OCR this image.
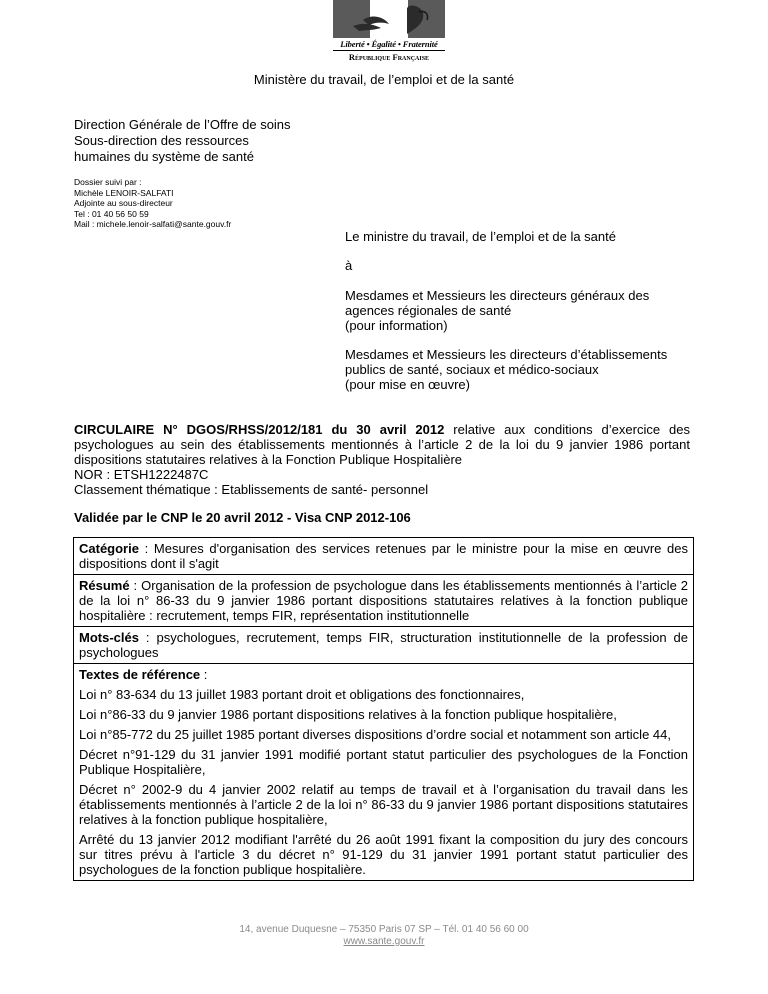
Liberté • Égalité • Fraternité
République Française
Ministère du travail, de l’emploi et de la santé
Direction Générale de l’Offre de soins
Sous-direction des ressources
humaines du système de santé
Dossier suivi par :
Michèle LENOIR-SALFATI
Adjointe au sous-directeur
Tel : 01 40 56 50 59
Mail : michele.lenoir-salfati@sante.gouv.fr
Le ministre du travail, de l’emploi et de la santé
à
Mesdames et Messieurs les directeurs généraux des
agences régionales de santé
(pour information)
Mesdames et Messieurs les directeurs d’établissements
publics de santé, sociaux et médico-sociaux
(pour mise en œuvre)

CIRCULAIRE N° DGOS/RHSS/2012/181 du 30 avril 2012 relative aux conditions d’exercice des psychologues au sein des établissements mentionnés à l’article 2 de la loi du 9 janvier 1986 portant dispositions statutaires relatives à la Fonction Publique Hospitalière

NOR : ETSH1222487C

Classement thématique : Etablissements de santé- personnel

Validée par le CNP le 20 avril 2012 - Visa CNP 2012-106
Catégorie : Mesures d'organisation des services retenues par le ministre pour la mise en œuvre des dispositions dont il s'agit
Résumé : Organisation de la profession de psychologue dans les établissements mentionnés à l’article 2 de la loi n° 86-33 du 9 janvier 1986 portant dispositions statutaires relatives à la fonction publique hospitalière : recrutement, temps FIR, représentation institutionnelle
Mots-clés : psychologues, recrutement, temps FIR, structuration institutionnelle de la profession de psychologues

Textes de référence :

Loi n° 83-634 du 13 juillet 1983 portant droit et obligations des fonctionnaires,

Loi n°86-33 du 9 janvier 1986 portant dispositions relatives à la fonction publique hospitalière,

Loi n°85-772 du 25 juillet 1985 portant diverses dispositions d’ordre social et notamment son article 44,

Décret n°91-129 du 31 janvier 1991 modifié portant statut particulier des psychologues de la Fonction Publique Hospitalière,

Décret n° 2002-9 du 4 janvier 2002 relatif au temps de travail et à l’organisation du travail dans les établissements mentionnés à l’article 2 de la loi n° 86-33 du 9 janvier 1986 portant dispositions statutaires relatives à la fonction publique hospitalière,

Arrêté du 13 janvier 2012 modifiant l'arrêté du 26 août 1991 fixant la composition du jury des concours sur titres prévu à l'article 3 du décret n° 91-129 du 31 janvier 1991 portant statut particulier des psychologues de la fonction publique hospitalière.

14, avenue Duquesne – 75350 Paris 07 SP – Tél. 01 40 56 60 00
www.sante.gouv.fr
